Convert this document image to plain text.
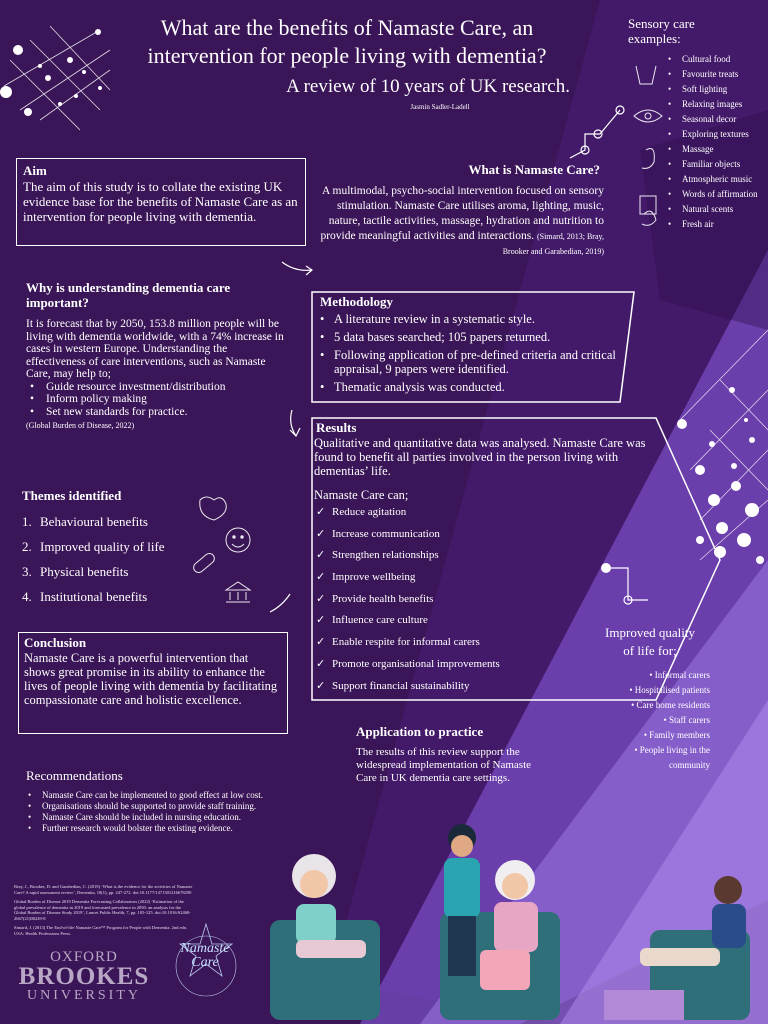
What are the benefits of Namaste Care, an intervention for people living with dementia?
A review of 10 years of UK research.
Jasmin Sadler-Ladell
Aim

The aim of this study is to collate the existing UK evidence base for the benefits of Namaste Care as an intervention for people living with dementia.

What is Namaste Care?

A multimodal, psycho-social intervention focused on sensory stimulation. Namaste Care utilises aroma, lighting, music, nature, tactile activities, massage, hydration and nutrition to provide meaningful activities and interactions. (Simard, 2013; Bray, Brooker and Garabedian, 2019)

Why is understanding dementia care important?

It is forecast that by 2050, 153.8 million people will be living with dementia worldwide, with a 74% increase in cases in western Europe. Understanding the effectiveness of care interventions, such as Namaste Care, may help to;

• Guide resource investment/distribution
• Inform policy making
• Set new standards for practice.

(Global Burden of Disease, 2022)

Methodology
• A literature review in a systematic style.
• 5 data bases searched; 105 papers returned.
• Following application of pre-defined criteria and critical appraisal, 9 papers were identified.
• Thematic analysis was conducted.
Results

Qualitative and quantitative data was analysed. Namaste Care was found to benefit all parties involved in the person living with dementias’ life.

Namaste Care can;

✓ Reduce agitation
✓ Increase communication
✓ Strengthen relationships
✓ Improve wellbeing
✓ Provide health benefits
✓ Influence care culture
✓ Enable respite for informal carers
✓ Promote organisational improvements
✓ Support financial sustainability
Themes identified
1. Behavioural benefits
2. Improved quality of life
3. Physical benefits
4. Institutional benefits
Conclusion

Namaste Care is a powerful intervention that shows great promise in its ability to enhance the lives of people living with dementia by facilitating compassionate care and holistic excellence.

Application to practice

The results of this review support the widespread implementation of Namaste Care in UK dementia care settings.

Recommendations
• Namaste Care can be implemented to good effect at low cost.
• Organisations should be supported to provide staff training.
• Namaste Care should be included in nursing education.
• Further research would bolster the existing evidence.

Bray, J., Brooker, D. and Garabedian, C. (2019) ‘What is the evidence for the activities of Namaste Care? A rapid assessment review’, Dementia, 18(1), pp. 247-272. doi:10.1177/1471301216678290

Global Burden of Disease 2019 Dementia Forecasting Collaborators (2022) ‘Estimation of the global prevalence of dementia in 2019 and forecasted prevalence in 2050: an analysis for the Global Burden of Disease Study 2019’, Lancet Public Health, 7, pp. 105-125. doi:10.1016/S2468-2667(21)00249-8

Simard, J. (2013) The End-of-life Namaste Care™ Program for People with Dementia. 2nd edn. USA: Health Professions Press.

Sensory care examples:
• Cultural food
• Favourite treats
• Soft lighting
• Relaxing images
• Seasonal decor
• Exploring textures
• Massage
• Familiar objects
• Atmospheric music
• Words of affirmation
• Natural scents
• Fresh air
Improved quality of life for;
• Informal carers
• Hospitalised patients
• Care home residents
• Staff carers
• Family members
• People living in the community
OXFORD
BROOKES
UNIVERSITY
Namaste
Care
